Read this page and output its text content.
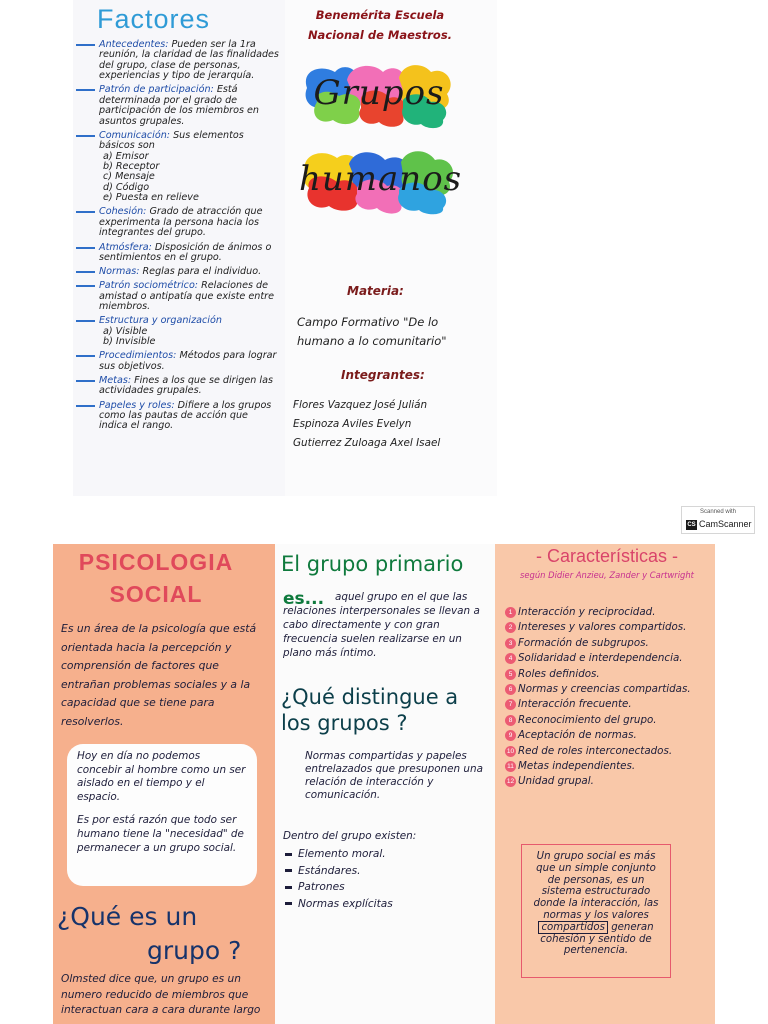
Factores
Antecedentes: Pueden ser la 1ra reunión, la claridad de las finalidades del grupo, clase de personas, experiencias y tipo de jerarquía.
Patrón de participación: Está determinada por el grado de participación de los miembros en asuntos grupales.
Comunicación: Sus elementos básicos son
a) Emisor
b) Receptor
c) Mensaje
d) Código
e) Puesta en relieve
Cohesión: Grado de atracción que experimenta la persona hacia los integrantes del grupo.
Atmósfera: Disposición de ánimos o sentimientos en el grupo.
Normas: Reglas para el individuo.
Patrón sociométrico: Relaciones de amistad o antipatía que existe entre miembros.
Estructura y organización
a) Visible
b) Invisible
Procedimientos: Métodos para lograr sus objetivos.
Metas: Fines a los que se dirigen las actividades grupales.
Papeles y roles: Difiere a los grupos como las pautas de acción que indica el rango.
Benemérita Escuela
Nacional de Maestros.
Grupos
humanos
Materia:
Campo Formativo "De lo humano a lo comunitario"
Integrantes:
Flores Vazquez José Julián
Espinoza Aviles Evelyn
Gutierrez Zuloaga Axel Isael
Scanned with
CS CamScanner
PSICOLOGIA
SOCIAL
Es un área de la psicología que está orientada hacia la percepción y comprensión de factores que entrañan problemas sociales y a la capacidad que se tiene para resolverlos.

Hoy en día no podemos concebir al hombre como un ser aislado en el tiempo y el espacio.

Es por está razón que todo ser humano tiene la "necesidad" de permanecer a un grupo social.

¿Qué es un
grupo ?
Olmsted dice que, un grupo es un numero reducido de miembros que interactuan cara a cara durante largo
El grupo primario
aquel grupo en el que las relaciones interpersonales se llevan a cabo directamente y con gran frecuencia suelen realizarse en un plano más íntimo.
es...
¿Qué distingue a los grupos ?
Normas compartidas y papeles entrelazados que presuponen una relación de interacción y comunicación.
Dentro del grupo existen:
Elemento moral.
Estándares.
Patrones
Normas explícitas
- Características -
según Didier Anzieu, Zander y Cartwright
1 Interacción y reciprocidad.
2 Intereses y valores compartidos.
3 Formación de subgrupos.
4 Solidaridad e interdependencia.
5 Roles definidos.
6 Normas y creencias compartidas.
7 Interacción frecuente.
8 Reconocimiento del grupo.
9 Aceptación de normas.
10 Red de roles interconectados.
11 Metas independientes.
12 Unidad grupal.

Un grupo social es más que un simple conjunto de personas, es un sistema estructurado donde la interacción, las normas y los valores compartidos generan cohesión y sentido de pertenencia.
